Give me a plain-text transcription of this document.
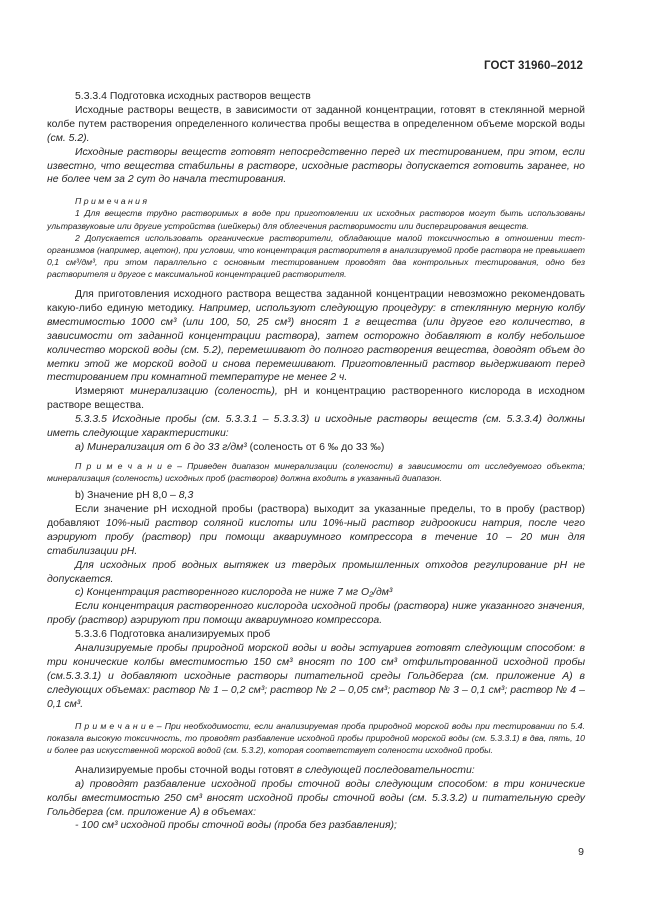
ГОСТ 31960–2012

5.3.3.4 Подготовка исходных растворов веществ

Исходные растворы веществ, в зависимости от заданной концентрации, готовят в стеклянной мерной колбе путем растворения определенного количества пробы вещества в определенном объеме морской воды (см. 5.2).

Исходные растворы веществ готовят непосредственно перед их тестированием, при этом, если известно, что вещества стабильны в растворе, исходные растворы допускается готовить заранее, но не более чем за 2 сут до начала тестирования.

П р и м е ч а н и я

1 Для веществ трудно растворимых в воде при приготовлении их исходных растворов могут быть использованы ультразвуковые или другие устройства (шейкеры) для облегчения растворимости или диспергирования веществ.

2 Допускается использовать органические растворители, обладающие малой токсичностью в отношении тест-организмов (например, ацетон), при условии, что концентрация растворителя в анализируемой пробе раствора не превышает 0,1 см³/дм³, при этом параллельно с основным тестированием проводят два контрольных тестирования, одно без растворителя и другое с максимальной концентрацией растворителя.

Для приготовления исходного раствора вещества заданной концентрации невозможно рекомендовать какую-либо единую методику. Например, используют следующую процедуру: в стеклянную мерную колбу вместимостью 1000 см³ (или 100, 50, 25 см³) вносят 1 г вещества (или другое его количество, в зависимости от заданной концентрации раствора), затем осторожно добавляют в колбу небольшое количество морской воды (см. 5.2), перемешивают до полного растворения вещества, доводят объем до метки этой же морской водой и снова перемешивают. Приготовленный раствор выдерживают перед тестированием при комнатной температуре не менее 2 ч.

Измеряют минерализацию (соленость), pH и концентрацию растворенного кислорода в исходном растворе вещества.

5.3.3.5 Исходные пробы (см. 5.3.3.1 – 5.3.3.3) и исходные растворы веществ (см. 5.3.3.4) должны иметь следующие характеристики:

а) Минерализация от 6 до 33 г/дм³ (соленость от 6 ‰ до 33 ‰)

П р и м е ч а н и е – Приведен диапазон минерализации (солености) в зависимости от исследуемого объекта; минерализация (соленость) исходных проб (растворов) должна входить в указанный диапазон.

b) Значение pH 8,0 – 8,3

Если значение pH исходной пробы (раствора) выходит за указанные пределы, то в пробу (раствор) добавляют 10%-ный раствор соляной кислоты или 10%-ный раствор гидроокиси натрия, после чего аэрируют пробу (раствор) при помощи аквариумного компрессора в течение 10 – 20 мин для стабилизации pH.

Для исходных проб водных вытяжек из твердых промышленных отходов регулирование pH не допускается.

с) Концентрация растворенного кислорода не ниже 7 мг O₂/дм³

Если концентрация растворенного кислорода исходной пробы (раствора) ниже указанного значения, пробу (раствор) аэрируют при помощи аквариумного компрессора.

5.3.3.6 Подготовка анализируемых проб

Анализируемые пробы природной морской воды и воды эстуариев готовят следующим способом: в три конические колбы вместимостью 150 см³ вносят по 100 см³ отфильтрованной исходной пробы (см.5.3.3.1) и добавляют исходные растворы питательной среды Гольдберга (см. приложение А) в следующих объемах: раствор № 1 – 0,2 см³; раствор № 2 – 0,05 см³; раствор № 3 – 0,1 см³; раствор № 4 – 0,1 см³.

П р и м е ч а н и е – При необходимости, если анализируемая проба природной морской воды при тестировании по 5.4. показала высокую токсичность, то проводят разбавление исходной пробы природной морской воды (см. 5.3.3.1) в два, пять, 10 и более раз искусственной морской водой (см. 5.3.2), которая соответствует солености исходной пробы.

Анализируемые пробы сточной воды готовят в следующей последовательности:

а) проводят разбавление исходной пробы сточной воды следующим способом: в три конические колбы вместимостью 250 см³ вносят исходной пробы сточной воды (см. 5.3.3.2) и питательную среду Гольдберга (см. приложение А) в объемах:

- 100 см³ исходной пробы сточной воды (проба без разбавления);

9
